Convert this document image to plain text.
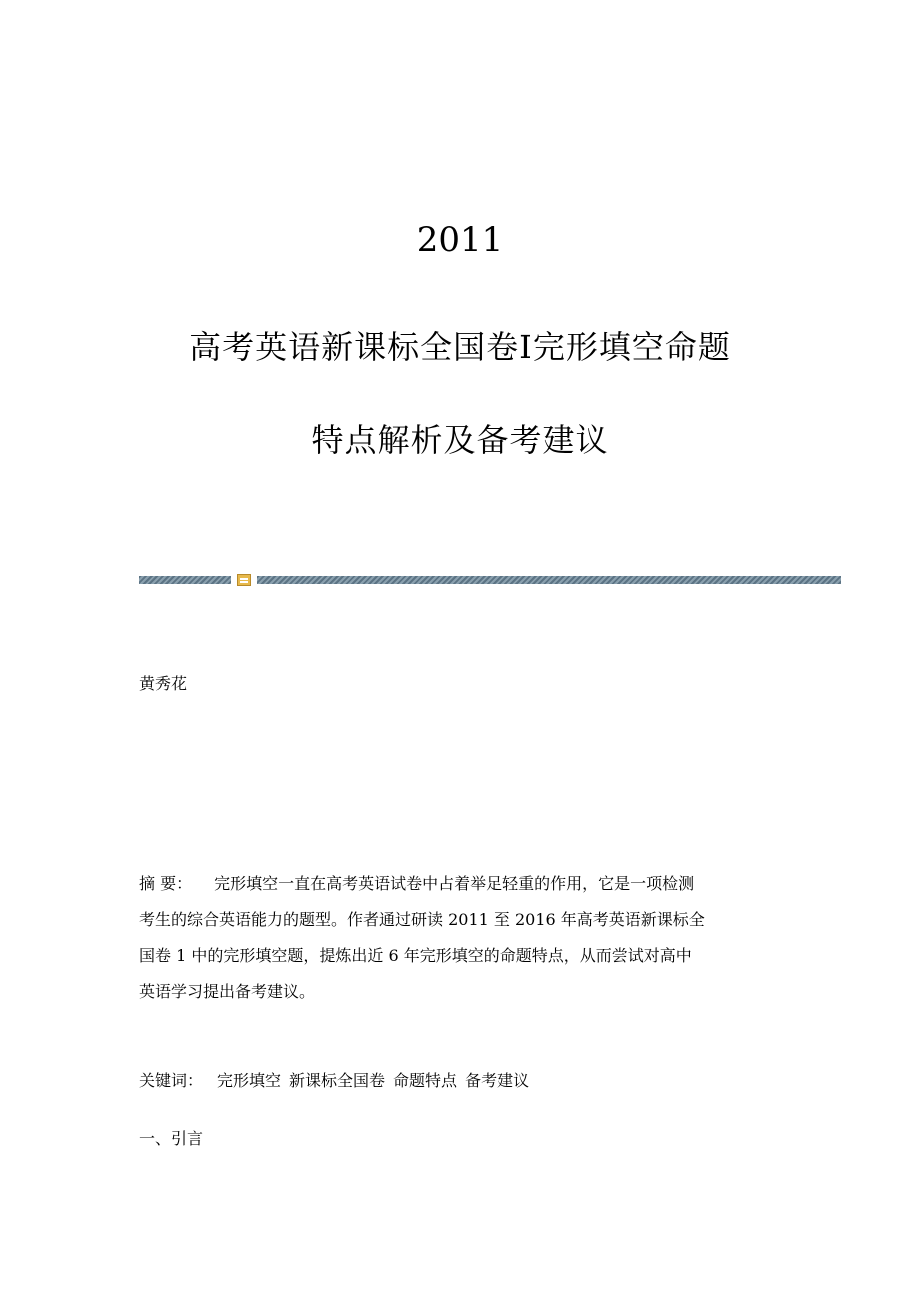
2011
高考英语新课标全国卷Ⅰ完形填空命题
特点解析及备考建议
黄秀花
摘 要： 完形填空一直在高考英语试卷中占着举足轻重的作用，它是一项检测
考生的综合英语能力的题型。作者通过研读 2011 至 2016 年高考英语新课标全
国卷 1 中的完形填空题，提炼出近 6 年完形填空的命题特点，从而尝试对高中
英语学习提出备考建议。
关键词： 完形填空 新课标全国卷 命题特点 备考建议
一、引言
